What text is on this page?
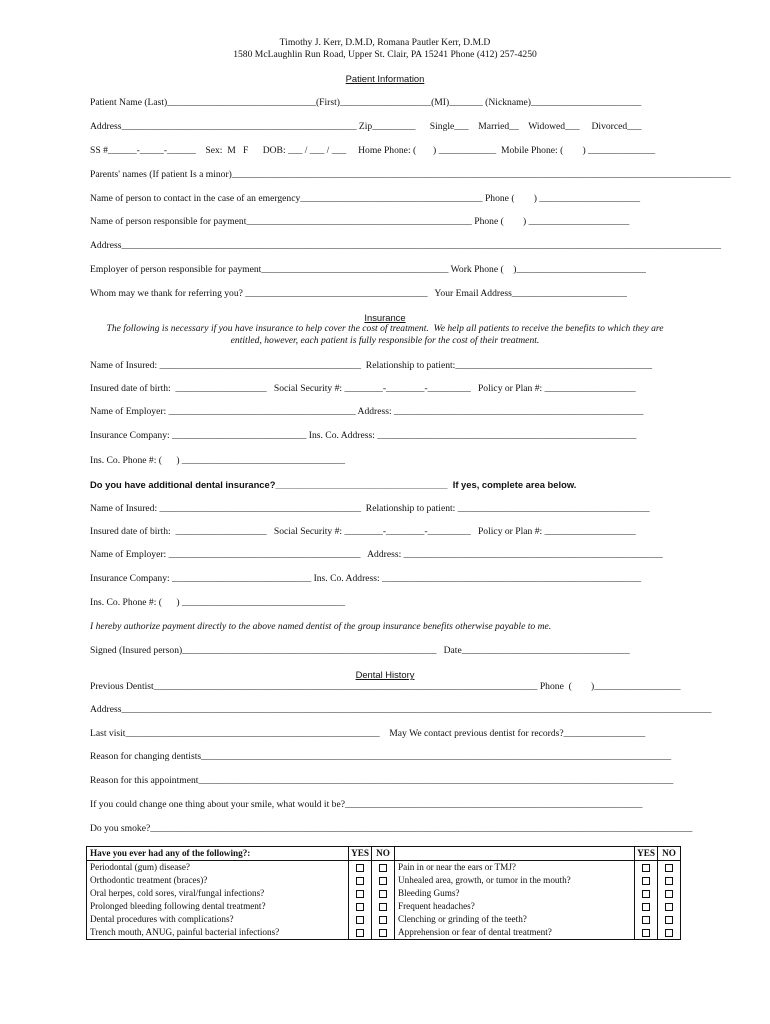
Timothy J. Kerr, D.M.D, Romana Pautler Kerr, D.M.D
1580 McLaughlin Run Road, Upper St. Clair, PA 15241 Phone (412) 257-4250
Patient Information
Patient Name (Last)_______________________________(First)___________________(MI)_______ (Nickname)_______________________
Address_________________________________________________ Zip_________      Single___    Married__    Widowed___     Divorced___
SS #______-_____-______    Sex:  M   F      DOB: ___ / ___ / ___     Home Phone: (       ) ____________  Mobile Phone: (        ) ______________
Parents' names (If patient Is a minor)________________________________________________________________________________________________________
Name of person to contact in the case of an emergency______________________________________ Phone (        ) _____________________
Name of person responsible for payment_______________________________________________ Phone (        ) _____________________
Address_____________________________________________________________________________________________________________________________
Employer of person responsible for payment_______________________________________ Work Phone (    )___________________________
Whom may we thank for referring you? ______________________________________   Your Email Address________________________
Insurance
The following is necessary if you have insurance to help cover the cost of treatment.  We help all patients to receive the benefits to which they are
entitled, however, each patient is fully responsible for the cost of their treatment.
Name of Insured: __________________________________________  Relationship to patient:_________________________________________
Insured date of birth:  ___________________   Social Security #: ________-________-_________   Policy or Plan #: ___________________
Name of Employer: _______________________________________ Address: ____________________________________________________
Insurance Company: ____________________________ Ins. Co. Address: ______________________________________________________
Ins. Co. Phone #: (      ) __________________________________
Do you have additional dental insurance?_________________________________  If yes, complete area below.
Name of Insured: __________________________________________  Relationship to patient: ________________________________________
Insured date of birth:  ___________________   Social Security #: ________-________-_________   Policy or Plan #: ___________________
Name of Employer: ________________________________________   Address: ______________________________________________________
Insurance Company: _____________________________ Ins. Co. Address: ______________________________________________________
Ins. Co. Phone #: (      ) __________________________________
I hereby authorize payment directly to the above named dentist of the group insurance benefits otherwise payable to me.
Signed (Insured person)_____________________________________________________   Date___________________________________
Dental History
Previous Dentist________________________________________________________________________________ Phone  (        )__________________
Address___________________________________________________________________________________________________________________________
Last visit_____________________________________________________    May We contact previous dentist for records?_________________
Reason for changing dentists__________________________________________________________________________________________________
Reason for this appointment___________________________________________________________________________________________________
If you could change one thing about your smile, what would it be?______________________________________________________________
Do you smoke?_________________________________________________________________________________________________________________
Have you ever had any of the following?:	YES	NO		YES	NO
Periodontal (gum) disease?			Pain in or near the ears or TMJ?		
Orthodontic treatment (braces)?			Unhealed area, growth, or tumor in the mouth?		
Oral herpes, cold sores, viral/fungal infections?			Bleeding Gums?		
Prolonged bleeding following dental treatment?			Frequent headaches?		
Dental procedures with complications?			Clenching or grinding of the teeth?		
Trench mouth, ANUG, painful bacterial infections?			Apprehension or fear of dental treatment?		
